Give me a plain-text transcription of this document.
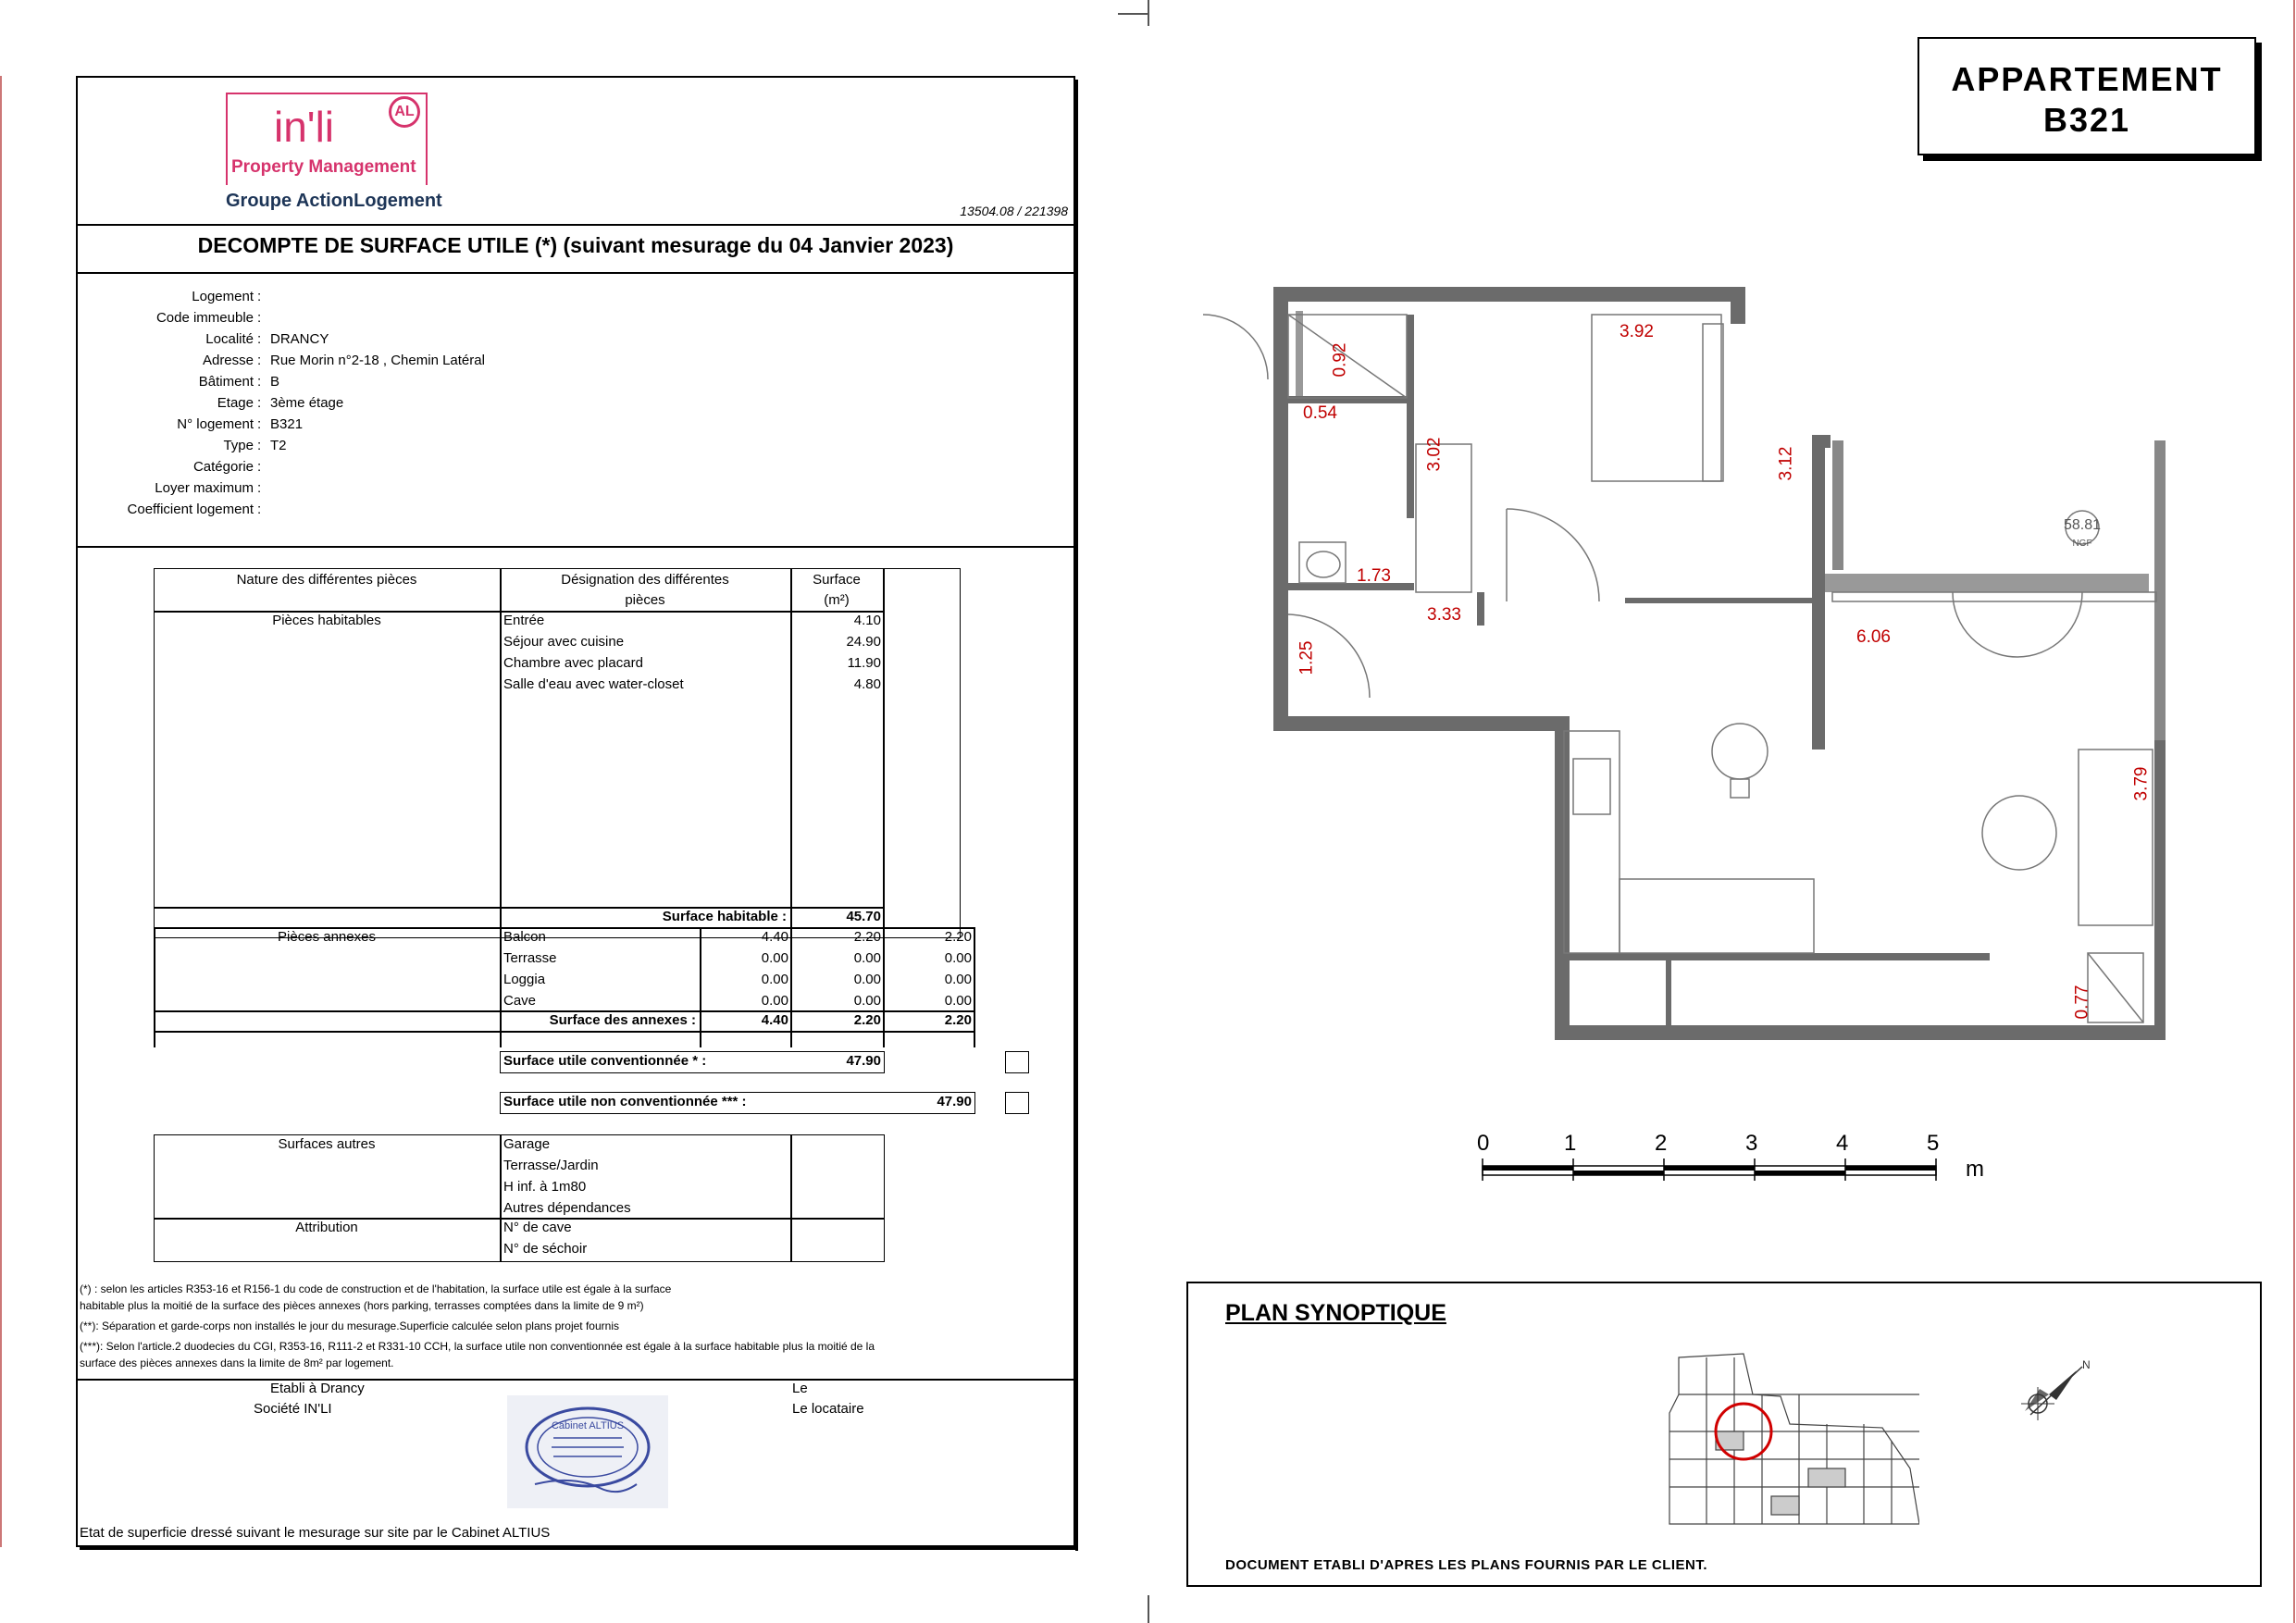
in'li	AL
Property Management
Groupe ActionLogement	13504.08 / 221398
DECOMPTE DE SURFACE UTILE (*) (suivant mesurage du 04 Janvier 2023)
Logement :
Code immeuble :
Localité : DRANCY
Adresse : Rue Morin n°2-18 , Chemin Latéral
Bâtiment : B
Etage : 3ème étage
N° logement : B321
Type : T2
Catégorie :
Loyer maximum :
Coefficient logement :
Nature des différentes pièces	Désignation des différentes pièces
Surface (m²)
Pièces habitables	Entrée	4.10
Séjour avec cuisine	24.90
Chambre avec placard	11.90
Salle d'eau avec water-closet	4.80
Surface habitable :	45.70
Pièces annexes	Balcon	4.40	2.20	2.20
Terrasse	0.00	0.00	0.00
Loggia	0.00	0.00	0.00
Cave	0.00	0.00	0.00
Surface des annexes :	4.40	2.20	2.20
Surface utile conventionnée * :	47.90
Surface utile non conventionnée *** :	47.90
Surfaces autres	Garage
Terrasse/Jardin
H inf. à 1m80
Autres dépendances
Attribution	N° de cave
N° de séchoir
(*) : selon les articles R353-16 et R156-1 du code de construction et de l'habitation, la surface utile est égale à la surface
habitable plus la moitié de la surface des pièces annexes (hors parking, terrasses comptées dans la limite de 9 m²)
(**): Séparation et garde-corps non installés le jour du mesurage.Superficie calculée selon plans projet fournis
(***): Selon l'article.2 duodecies du CGI, R353-16, R111-2 et R331-10 CCH, la surface utile non conventionnée est égale à la surface habitable plus la moitié de la
surface des pièces annexes dans la limite de 8m² par logement.
Etabli à Drancy
Société IN'LI
Le
Le locataire
Cabinet ALTIUS
Etat de superficie dressé suivant le mesurage sur site par le Cabinet ALTIUS
APPARTEMENT
B321
58.81
NGF
3.92
0.92
0.54
3.02	3.12
1.73
3.33
1.25
6.06
3.79
0.77
0	1	2	3	4	5
m
PLAN SYNOPTIQUE
N
DOCUMENT ETABLI D'APRES LES PLANS FOURNIS PAR LE CLIENT.
